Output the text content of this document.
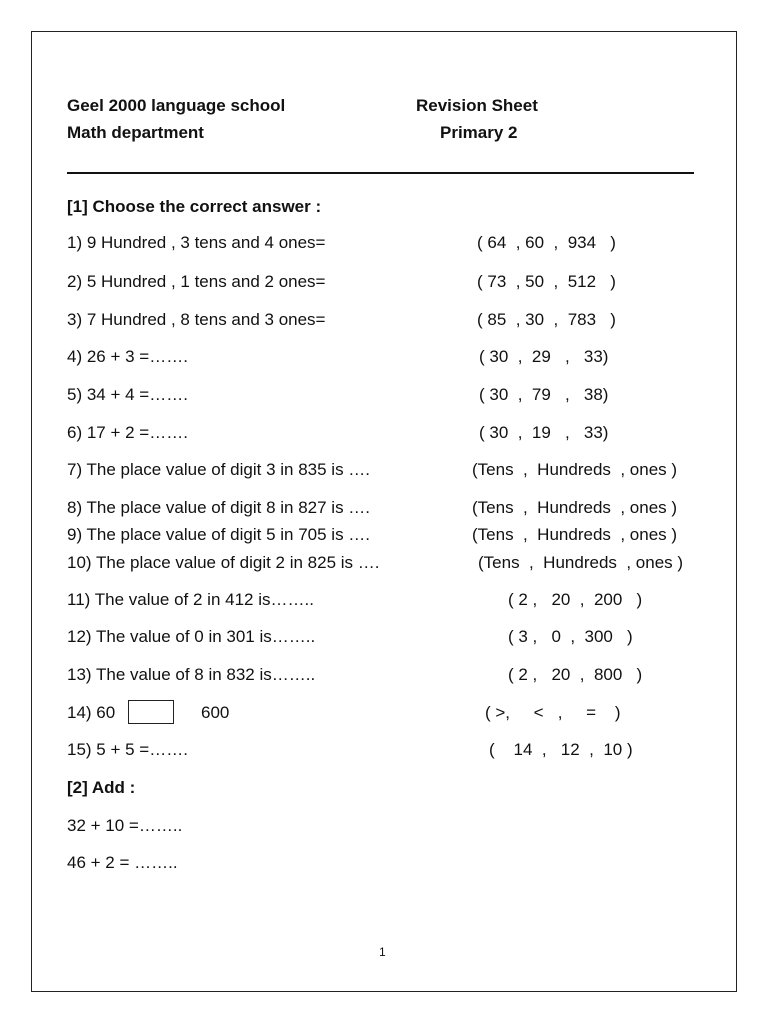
Geel 2000 language school
Math department
Revision Sheet
Primary 2
[1] Choose the correct answer :
1) 9 Hundred , 3 tens and 4 ones=	( 64  , 60  ,  934   )
2) 5 Hundred , 1 tens and 2 ones=	( 73  , 50  ,  512   )
3) 7 Hundred , 8 tens and 3 ones=	( 85  , 30  ,  783   )
4) 26 + 3 =…….	( 30  ,  29   ,   33)
5) 34 + 4 =…….	( 30  ,  79   ,   38)
6) 17 + 2 =…….	( 30  ,  19   ,   33)
7) The place value of digit 3 in 835 is ….	(Tens  ,  Hundreds  , ones )
8) The place value of digit 8 in 827 is ….	(Tens  ,  Hundreds  , ones )
9) The place value of digit 5 in 705 is ….	(Tens  ,  Hundreds  , ones )
10) The place value of digit 2 in 825 is ….	(Tens  ,  Hundreds  , ones )
11) The value of 2 in 412 is……..	( 2 ,   20  ,  200   )
12) The value of 0 in 301 is……..	( 3 ,   0  ,  300   )
13) The value of 8 in 832 is……..	( 2 ,   20  ,  800   )
14) 60	600	( >,     <   ,     =    )
15) 5 + 5 =…….	(    14  ,   12  ,  10 )
[2] Add :
32 + 10 =……..
46 + 2 = ……..
1
